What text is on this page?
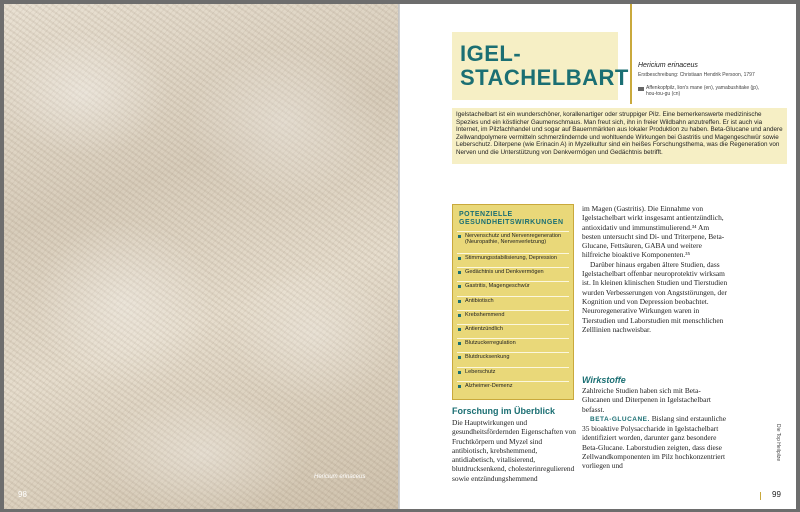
Hericium erinaceus
98
IGEL-
STACHELBART Hericium erinaceus
Erstbeschreibung: Christiaan Hendrik Persoon, 1797
Affenkopfpilz, lion's mane (en), yamabushitake (jp), hou-tou-gu (cn)
Igelstachelbart ist ein wunderschöner, korallenartiger oder struppiger Pilz. Eine bemerkenswerte medizinische Spezies und ein köstlicher Gaumenschmaus. Man freut sich, ihn in freier Wildbahn anzutreffen. Er ist auch via Internet, im Pilzfachhandel und sogar auf Bauernmärkten aus lokaler Produktion zu haben. Beta-Glucane und andere Zellwandpolymere vermitteln schmerzlindernde und wohltuende Wirkungen bei Gastritis und Magengeschwür sowie Leberschutz. Diterpene (wie Erinacin A) in Myzelkultur sind ein heißes Forschungsthema, was die Regeneration von Nerven und die Unterstützung von Denkvermögen und Gedächtnis betrifft.
POTENZIELLE GESUNDHEITSWIRKUNGEN
Nervenschutz und Nervenregeneration (Neuropathie, Nervenverletzung)
Stimmungsstabilisierung, Depression
Gedächtnis und Denkvermögen
Gastritis, Magengeschwür
Antibiotisch
Krebshemmend
Antientzündlich
Blutzuckerregulation
Blutdrucksenkung
Leberschutz
Alzheimer-Demenz
Forschung im Überblick

Die Hauptwirkungen und gesundheitsfördernden Eigenschaften von Fruchtkörpern und Myzel sind antibiotisch, krebshemmend, antidiabetisch, vitalisierend, blutdrucksenkend, cholesterinregulierend sowie entzündungshemmend

im Magen (Gastritis). Die Einnahme von Igelstachelbart wirkt insgesamt antientzündlich, antioxidativ und immunstimulierend.³⁴ Am besten untersucht sind Di- und Triterpene, Beta-Glucane, Fettsäuren, GABA und weitere hilfreiche bioaktive Komponenten.³⁵

Darüber hinaus ergaben ältere Studien, dass Igelstachelbart offenbar neuroprotektiv wirksam ist. In kleinen klinischen Studien und Tierstudien wurden Verbesserungen von Angststörungen, der Kognition und von Depression beobachtet. Neuroregenerative Wirkungen waren in Tierstudien und Laborstudien mit menschlichen Zelllinien nachweisbar.

Wirkstoffe

Zahlreiche Studien haben sich mit Beta-Glucanen und Diterpenen in Igelstachelbart befasst.

BETA-GLUCANE. Bislang sind erstaunliche 35 bioaktive Polysaccharide in Igelstachelbart identifiziert worden, darunter ganz besondere Beta-Glucane. Laborstudien zeigten, dass diese Zellwandkomponenten im Pilz hochkonzentriert vorliegen und

Die Top Heilpilze
99
